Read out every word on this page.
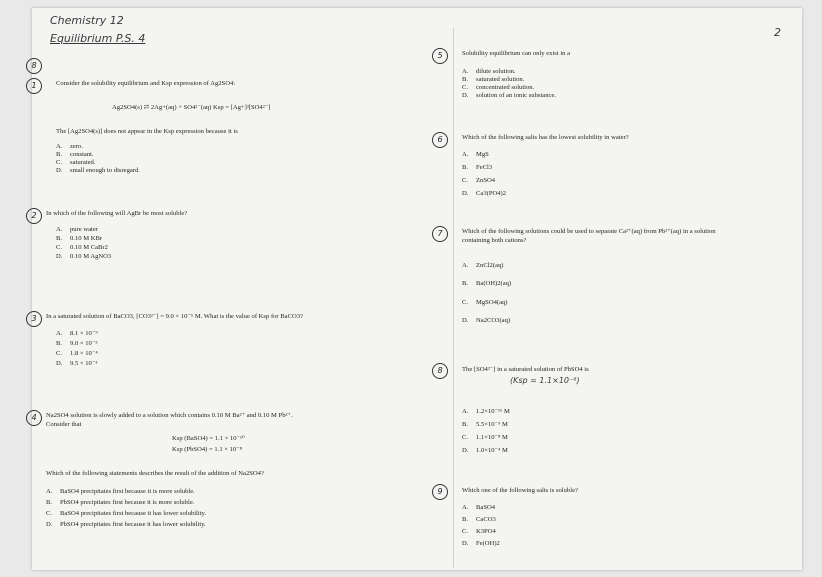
Chemistry 12
Equilibrium P.S. 4	2
8
1	Consider the solubility equilibrium and Ksp expression of Ag2SO4:
Ag2SO4(s) ⇄ 2Ag+(aq) + SO4²⁻(aq) Ksp = [Ag+]²[SO4²⁻]
The [Ag2SO4(s)] does not appear in the Ksp expression because it is
A. zero.
B. constant.
C. saturated.
D. small enough to disregard.
2	In which of the following will AgBr be most soluble?
A. pure water
B. 0.10 M KBr
C. 0.10 M CaBr2
D. 0.10 M AgNO3
3	In a saturated solution of BaCO3, [CO3²⁻] = 9.0 × 10⁻⁵ M. What is the value of Ksp for BaCO3?
A. 8.1 × 10⁻⁹
B. 9.0 × 10⁻⁵
C. 1.8 × 10⁻⁴
D. 9.5 × 10⁻³
4	Na2SO4 solution is slowly added to a solution which contains 0.10 M Ba²⁺ and 0.10 M Pb²⁺.
Consider that
Ksp (BaSO4) = 1.1 × 10⁻¹⁰
Ksp (PbSO4) = 1.1 × 10⁻⁸
Which of the following statements describes the result of the addition of Na2SO4?
A. BaSO4 precipitates first because it is more soluble.
B. PbSO4 precipitates first because it is more soluble.
C. BaSO4 precipitates first because it has lower solubility.
D. PbSO4 precipitates first because it has lower solubility.
5	Solubility equilibrium can only exist in a
A. dilute solution.
B. saturated solution.
C. concentrated solution.
D. solution of an ionic substance.
6	Which of the following salts has the lowest solubility in water?
A. MgS
B. FeCl3
C. ZnSO4
D. Ca3(PO4)2
7	Which of the following solutions could be used to separate Ca²⁺(aq) from Pb²⁺(aq) in a solution
containing both cations?
A. ZnCl2(aq)
B. Ba(OH)2(aq)
C. MgSO4(aq)
D. Na2CO3(aq)
8	The [SO4²⁻] in a saturated solution of PbSO4 is
(Ksp = 1.1×10⁻⁸)
A. 1.2×10⁻¹⁶ M
B. 5.5×10⁻⁹ M
C. 1.1×10⁻⁸ M
D. 1.0×10⁻⁴ M
9	Which one of the following salts is soluble?
A. BaSO4
B. CaCO3
C. K3PO4
D. Fe(OH)2
